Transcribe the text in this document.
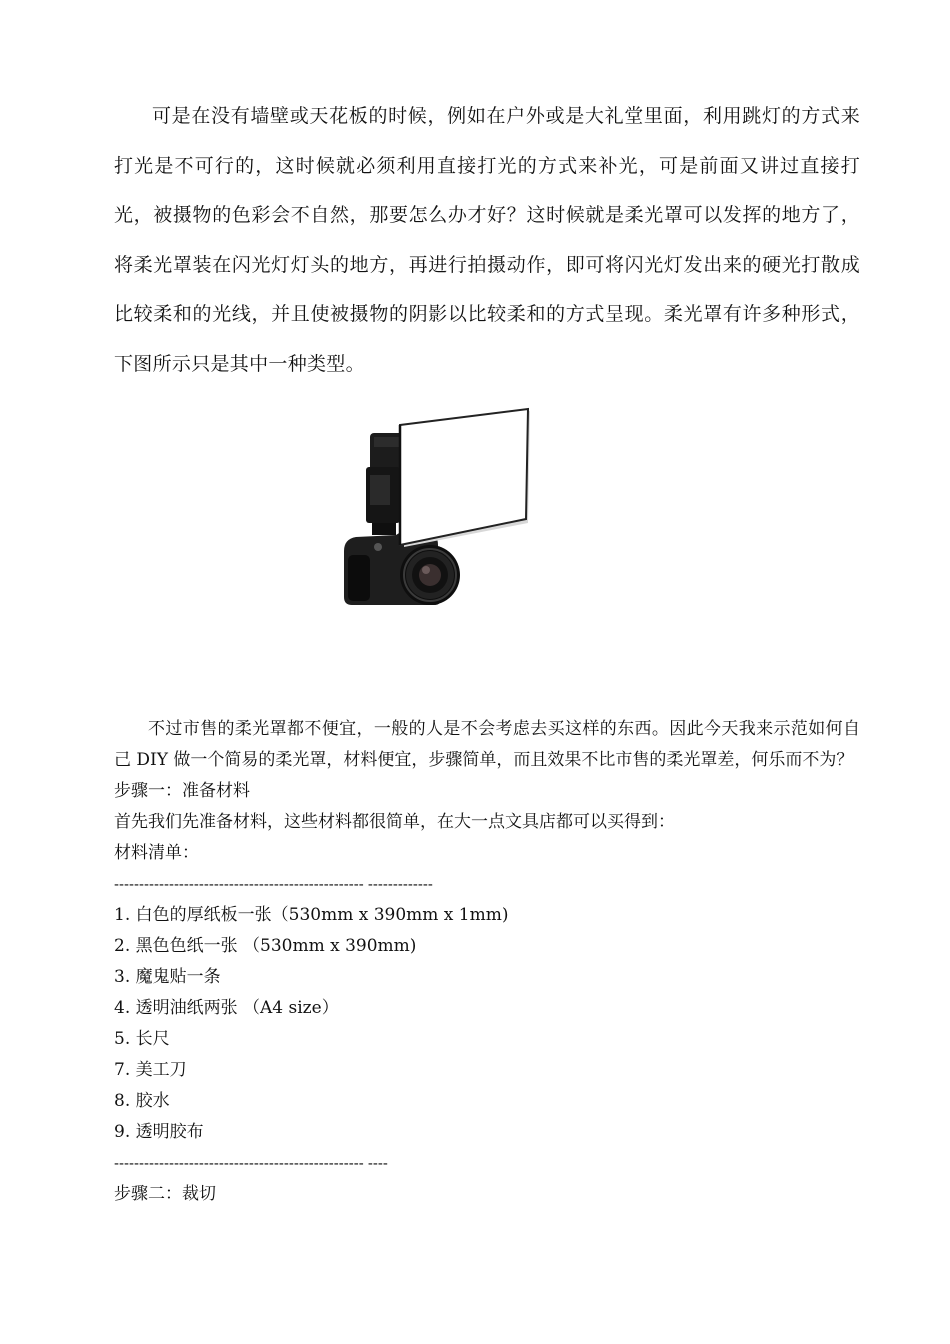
可是在没有墙壁或天花板的时候，例如在户外或是大礼堂里面，利用跳灯的方式来打光是不可行的，这时候就必须利用直接打光的方式来补光，可是前面又讲过直接打光，被摄物的色彩会不自然，那要怎么办才好？这时候就是柔光罩可以发挥的地方了，将柔光罩装在闪光灯灯头的地方，再进行拍摄动作，即可将闪光灯发出来的硬光打散成比较柔和的光线，并且使被摄物的阴影以比较柔和的方式呈现。柔光罩有许多种形式，下图所示只是其中一种类型。

不过市售的柔光罩都不便宜，一般的人是不会考虑去买这样的东西。因此今天我来示范如何自己 DIY 做一个简易的柔光罩，材料便宜，步骤简单，而且效果不比市售的柔光罩差，何乐而不为？

步骤一：准备材料

首先我们先准备材料，这些材料都很简单，在大一点文具店都可以买得到：

材料清单：

-------------------------------------------------- -------------

1. 白色的厚纸板一张（530mm x 390mm x 1mm)
2. 黑色色纸一张 （530mm x 390mm)
3. 魔鬼贴一条
4. 透明油纸两张 （A4 size）
5. 长尺
7. 美工刀
8. 胶水
9. 透明胶布

-------------------------------------------------- ----

步骤二：裁切
